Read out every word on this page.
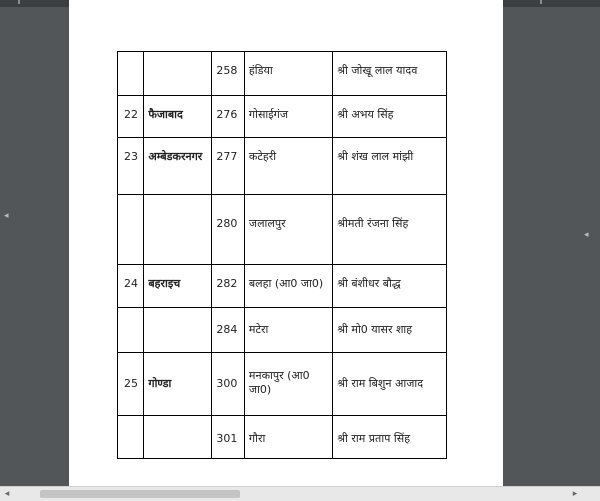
◂
◂

		258	हंडिया	श्री जोखू लाल यादव

22	फैजाबाद	276	गोसाईगंज	श्री अभय सिंह

23	अम्बेडकरनगर	277	कटेहरी	श्री शंख लाल मांझी

		280	जलालपुर	श्रीमती रंजना सिंह

24	बहराइच	282	बलहा (आ0 जा0)	श्री बंशीधर बौद्ध

		284	मटेरा	श्री मो0 यासर शाह

25	गोण्डा	300	मनकापुर (आ0 जा0)	श्री राम बिशुन आजाद

		301	गौरा	श्री राम प्रताप सिंह
◂	▸
